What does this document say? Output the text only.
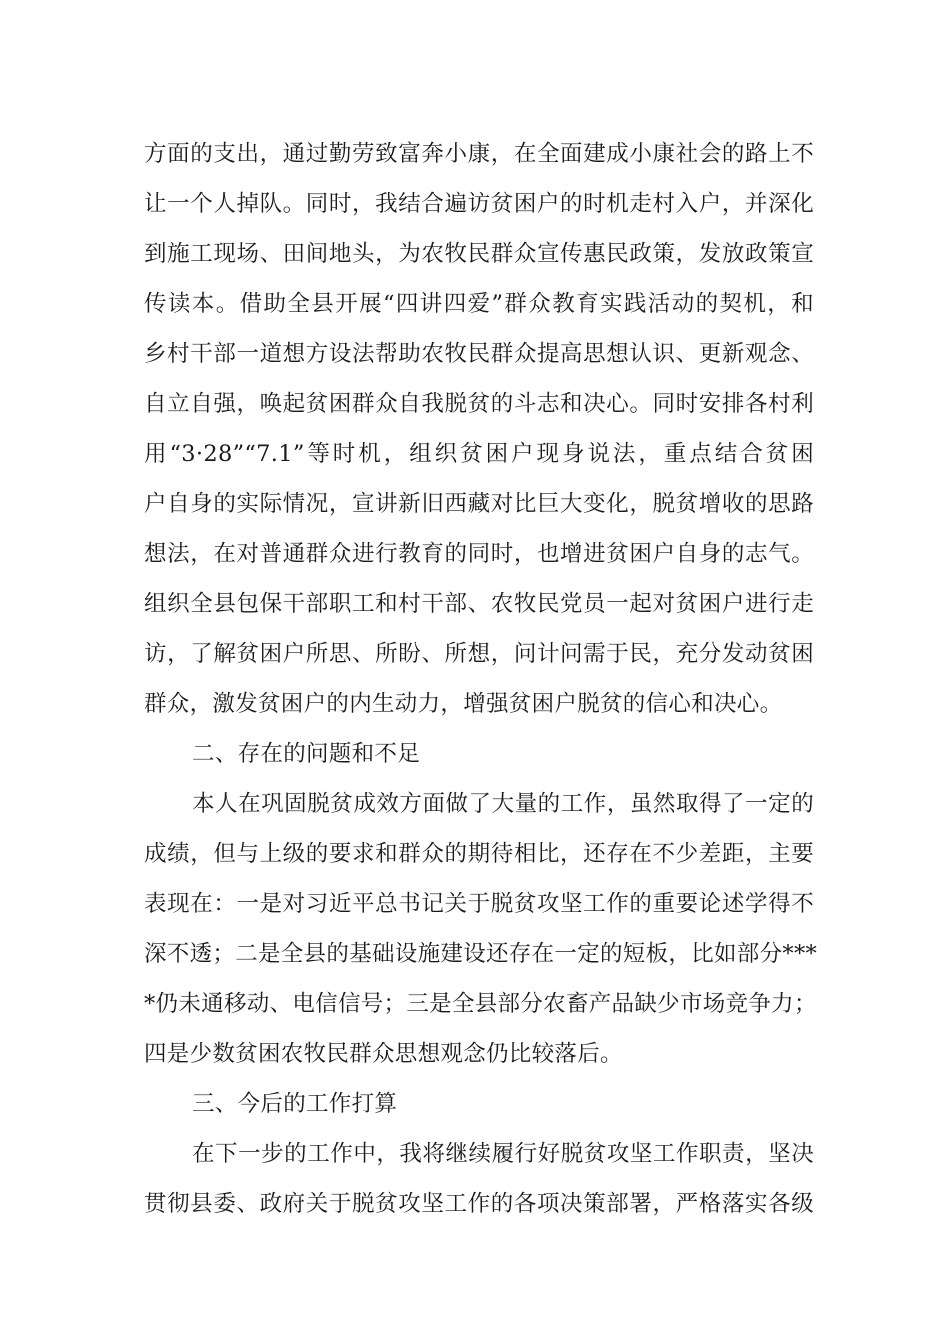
方面的支出，通过勤劳致富奔小康，在全面建成小康社会的路上不
让一个人掉队。同时，我结合遍访贫困户的时机走村入户，并深化
到施工现场、田间地头，为农牧民群众宣传惠民政策，发放政策宣
传读本。借助全县开展“四讲四爱”群众教育实践活动的契机，和
乡村干部一道想方设法帮助农牧民群众提高思想认识、更新观念、
自立自强，唤起贫困群众自我脱贫的斗志和决心。同时安排各村利
用“3·28”“7.1”等时机，组织贫困户现身说法，重点结合贫困
户自身的实际情况，宣讲新旧西藏对比巨大变化，脱贫增收的思路
想法，在对普通群众进行教育的同时，也增进贫困户自身的志气。
组织全县包保干部职工和村干部、农牧民党员一起对贫困户进行走
访，了解贫困户所思、所盼、所想，问计问需于民，充分发动贫困
群众，激发贫困户的内生动力，增强贫困户脱贫的信心和决心。
二、存在的问题和不足
本人在巩固脱贫成效方面做了大量的工作，虽然取得了一定的
成绩，但与上级的要求和群众的期待相比，还存在不少差距，主要
表现在：一是对习近平总书记关于脱贫攻坚工作的重要论述学得不
深不透；二是全县的基础设施建设还存在一定的短板，比如部分***
*仍未通移动、电信信号；三是全县部分农畜产品缺少市场竞争力；
四是少数贫困农牧民群众思想观念仍比较落后。
三、今后的工作打算
在下一步的工作中，我将继续履行好脱贫攻坚工作职责，坚决
贯彻县委、政府关于脱贫攻坚工作的各项决策部署，严格落实各级
